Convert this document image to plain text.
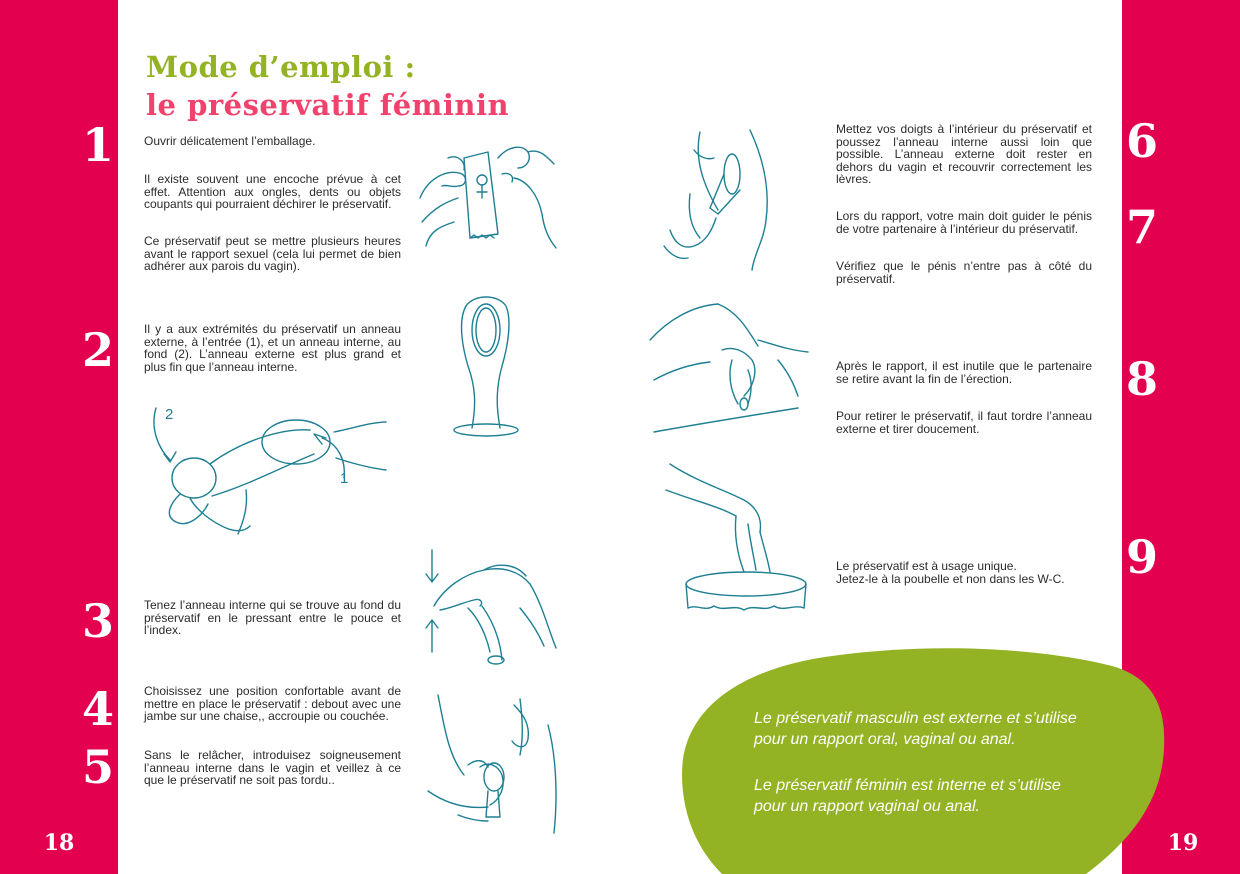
1
2
3
4
5
6
7
8
9
18	19
Mode d’emploi :
le préservatif féminin
Ouvrir délicatement l’emballage.
Il existe souvent une encoche prévue à cet effet. Attention aux ongles, dents ou objets coupants qui pourraient déchirer le préservatif.
Ce préservatif peut se mettre plusieurs heures avant le rapport sexuel (cela lui permet de bien adhérer aux parois du vagin).
Il y a aux extrémités du préservatif un anneau externe, à l’entrée (1), et un anneau interne, au fond (2). L’anneau externe est plus grand et plus fin que l’anneau interne.
Tenez l’anneau interne qui se trouve au fond du préservatif en le pressant entre le pouce et l’index.
Choisissez une position confortable avant de mettre en place le préservatif : debout avec une jambe sur une chaise,, accroupie ou couchée.
Sans le relâcher, introduisez soigneusement l’anneau interne dans le vagin et veillez à ce que le préservatif ne soit pas tordu..
Mettez vos doigts à l’intérieur du préservatif et poussez l’anneau interne aussi loin que possible. L’anneau externe doit rester en dehors du vagin et recouvrir correctement les lèvres.
Lors du rapport, votre main doit guider le pénis de votre partenaire à l’intérieur du préservatif.
Vérifiez que le pénis n’entre pas à côté du préservatif.
Après le rapport, il est inutile que le partenaire se retire avant la fin de l’érection.
Pour retirer le préservatif, il faut tordre l’anneau externe et tirer doucement.
Le préservatif est à usage unique.
Jetez-le à la poubelle et non dans les W-C.
2
1
Le préservatif masculin est externe et s’utilise
pour un rapport oral, vaginal ou anal.
Le préservatif féminin est interne et s’utilise
pour un rapport vaginal ou anal.
